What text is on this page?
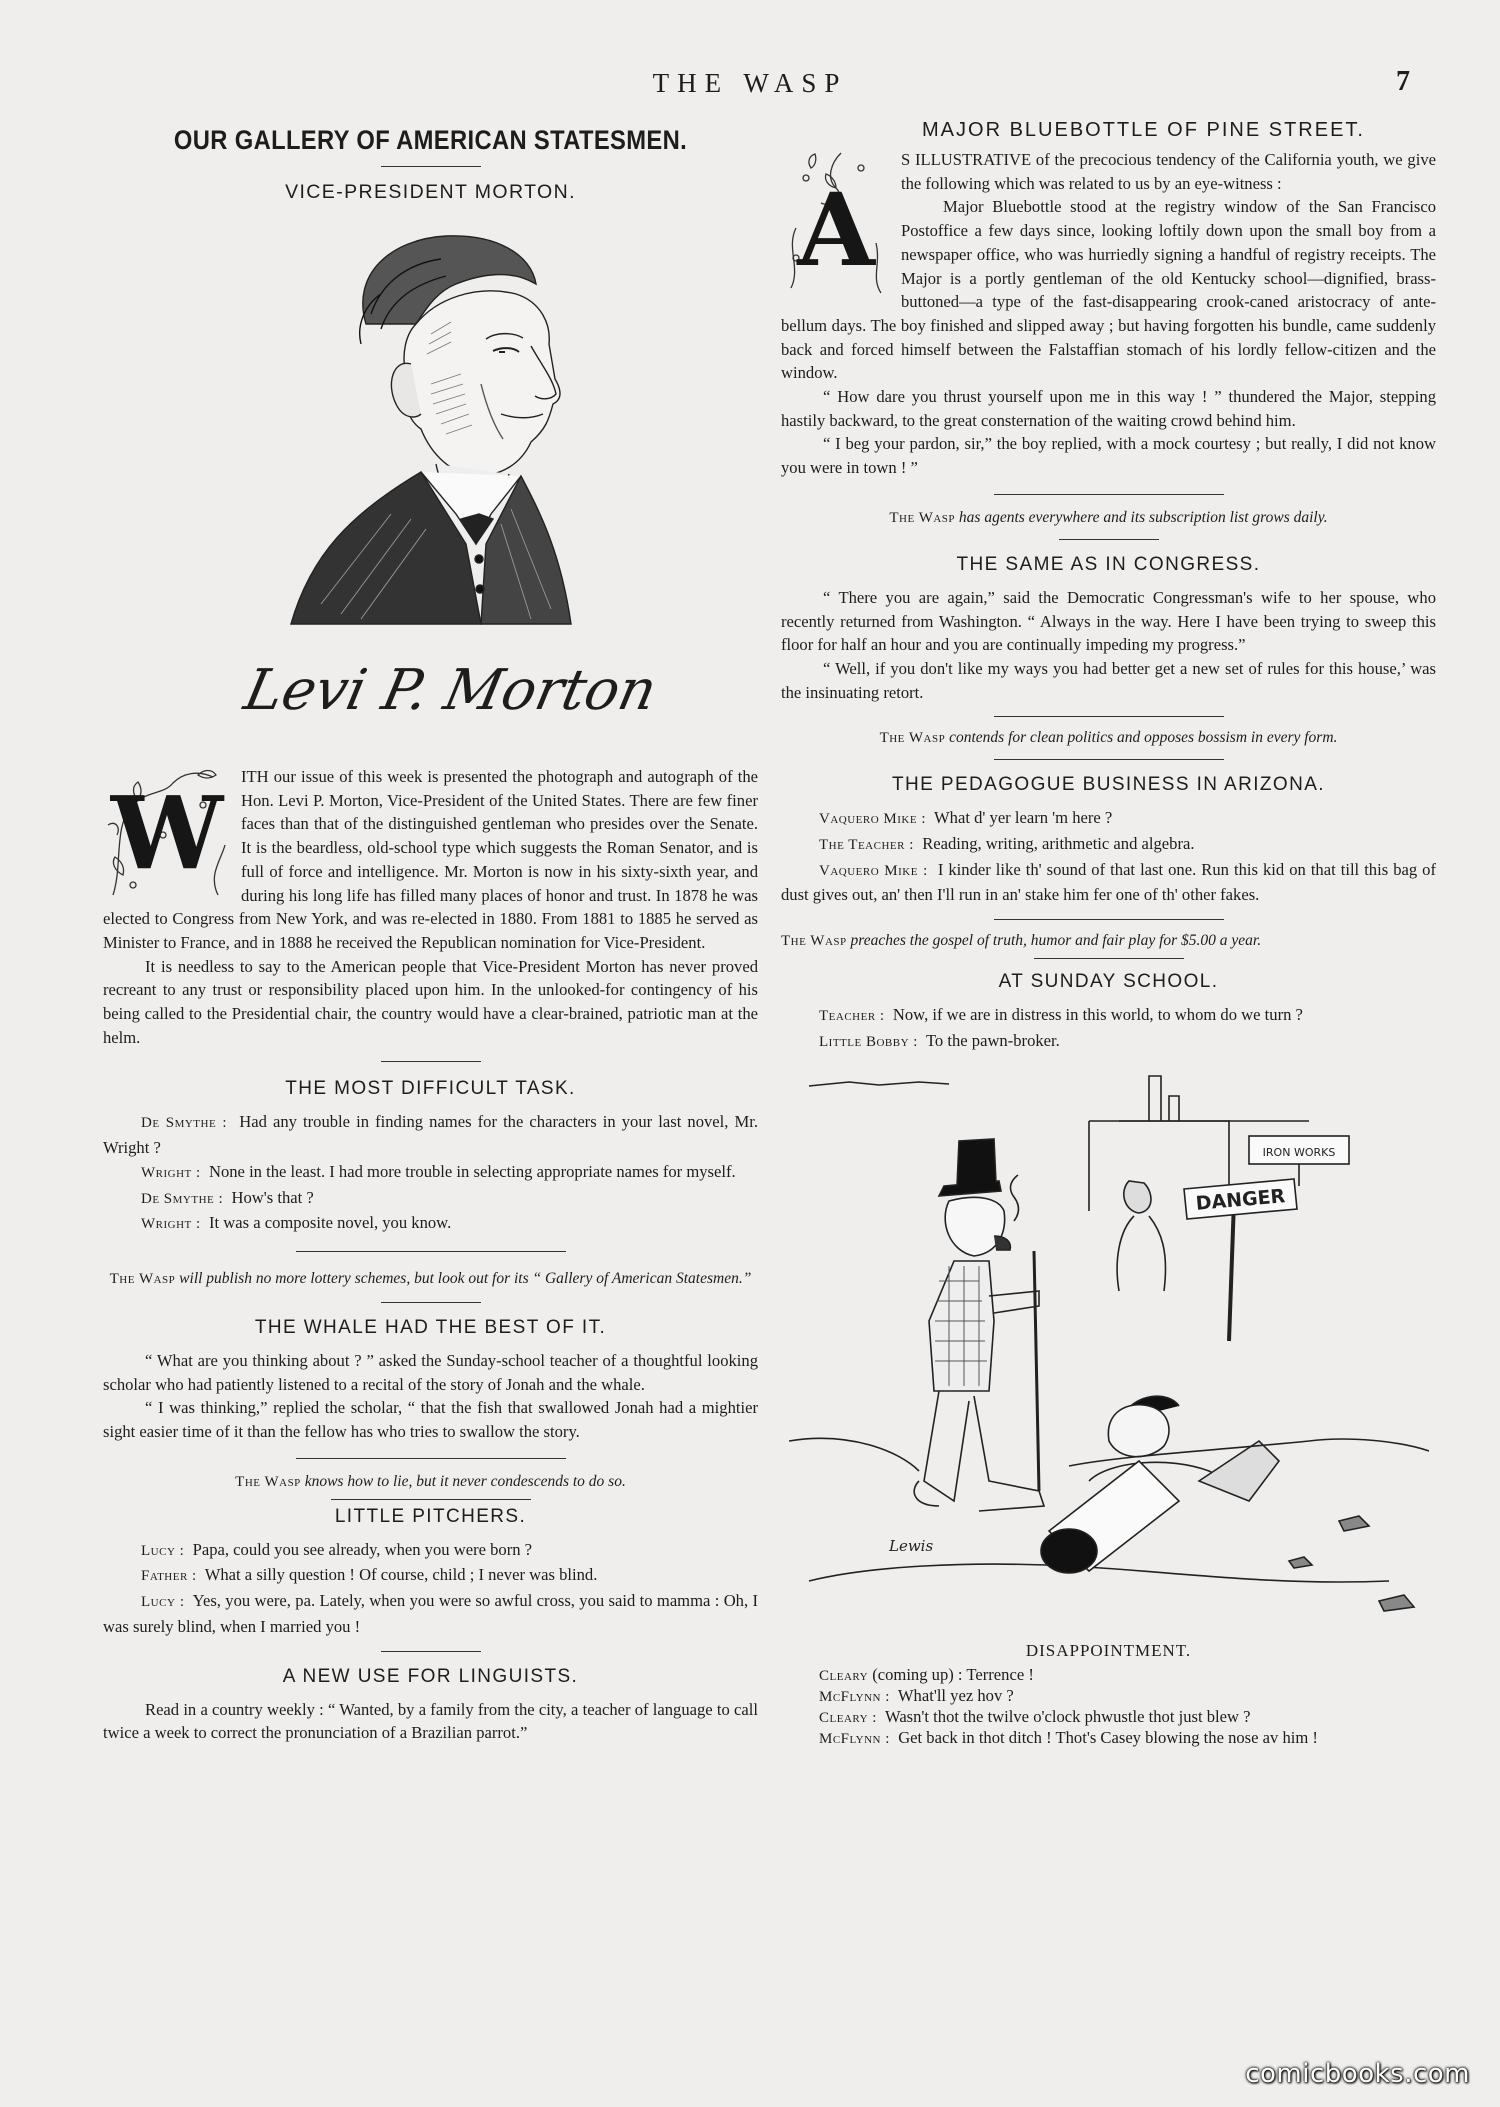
THE WASP	7
OUR GALLERY OF AMERICAN STATESMEN.
VICE-PRESIDENT MORTON.
Levi P. Morton
W	ITH our issue of this week is presented the photograph and autograph of the Hon. Levi P. Morton, Vice-President of the United States. There are few finer faces than that of the distinguished gentleman who presides over the Senate. It is the beardless, old-school type which suggests the Roman Senator, and is full of force and intelligence. Mr. Morton is now in his sixty-sixth year, and during his long life has filled many places of honor and trust. In 1878 he was elected to Congress from New York, and was re-elected in 1880. From 1881 to 1885 he served as Minister to France, and in 1888 he received the Republican nomination for Vice-President.

It is needless to say to the American people that Vice-President Morton has never proved recreant to any trust or responsibility placed upon him. In the unlooked-for contingency of his being called to the Presidential chair, the country would have a clear-brained, patriotic man at the helm.

THE MOST DIFFICULT TASK.

De Smythe : Had any trouble in finding names for the characters in your last novel, Mr. Wright ?

Wright : None in the least. I had more trouble in selecting appropriate names for myself.

De Smythe : How's that ?

Wright : It was a composite novel, you know.

The Wasp will publish no more lottery schemes, but look out for its “ Gallery of American Statesmen.”

THE WHALE HAD THE BEST OF IT.

“ What are you thinking about ? ” asked the Sunday-school teacher of a thoughtful looking scholar who had patiently listened to a recital of the story of Jonah and the whale.

“ I was thinking,” replied the scholar, “ that the fish that swallowed Jonah had a mightier sight easier time of it than the fellow has who tries to swallow the story.

The Wasp knows how to lie, but it never condescends to do so.

LITTLE PITCHERS.

Lucy : Papa, could you see already, when you were born ?

Father : What a silly question ! Of course, child ; I never was blind.

Lucy : Yes, you were, pa. Lately, when you were so awful cross, you said to mamma : Oh, I was surely blind, when I married you !

A NEW USE FOR LINGUISTS.

Read in a country weekly : “ Wanted, by a family from the city, a teacher of language to call twice a week to correct the pronunciation of a Brazilian parrot.”

MAJOR BLUEBOTTLE OF PINE STREET.
A

S ILLUSTRATIVE of the precocious tendency of the California youth, we give the following which was related to us by an eye-witness :

Major Bluebottle stood at the registry window of the San Francisco Postoffice a few days since, looking loftily down upon the small boy from a newspaper office, who was hurriedly signing a handful of registry receipts. The Major is a portly gentleman of the old Kentucky school—dignified, brass-buttoned—a type of the fast-disappearing crook-caned aristocracy of ante-bellum days. The boy finished and slipped away ; but having forgotten his bundle, came suddenly back and forced himself between the Falstaffian stomach of his lordly fellow-citizen and the window.

“ How dare you thrust yourself upon me in this way ! ” thundered the Major, stepping hastily backward, to the great consternation of the waiting crowd behind him.

“ I beg your pardon, sir,” the boy replied, with a mock courtesy ; but really, I did not know you were in town ! ”

The Wasp has agents everywhere and its subscription list grows daily.

THE SAME AS IN CONGRESS.

“ There you are again,” said the Democratic Congressman's wife to her spouse, who recently returned from Washington. “ Always in the way. Here I have been trying to sweep this floor for half an hour and you are continually impeding my progress.”

“ Well, if you don't like my ways you had better get a new set of rules for this house,’ was the insinuating retort.

The Wasp contends for clean politics and opposes bossism in every form.

THE PEDAGOGUE BUSINESS IN ARIZONA.

Vaquero Mike : What d' yer learn 'm here ?

The Teacher : Reading, writing, arithmetic and algebra.

Vaquero Mike : I kinder like th' sound of that last one. Run this kid on that till this bag of dust gives out, an' then I'll run in an' stake him fer one of th' other fakes.

The Wasp preaches the gospel of truth, humor and fair play for $5.00 a year.

AT SUNDAY SCHOOL.

Teacher : Now, if we are in distress in this world, to whom do we turn ?

Little Bobby : To the pawn-broker.

IRON WORKS
DANGER
Lewis
DISAPPOINTMENT.

Cleary (coming up) : Terrence !

McFlynn : What'll yez hov ?

Cleary : Wasn't thot the twilve o'clock phwustle thot just blew ?

McFlynn : Get back in thot ditch ! Thot's Casey blowing the nose av him !

comicbooks.com
